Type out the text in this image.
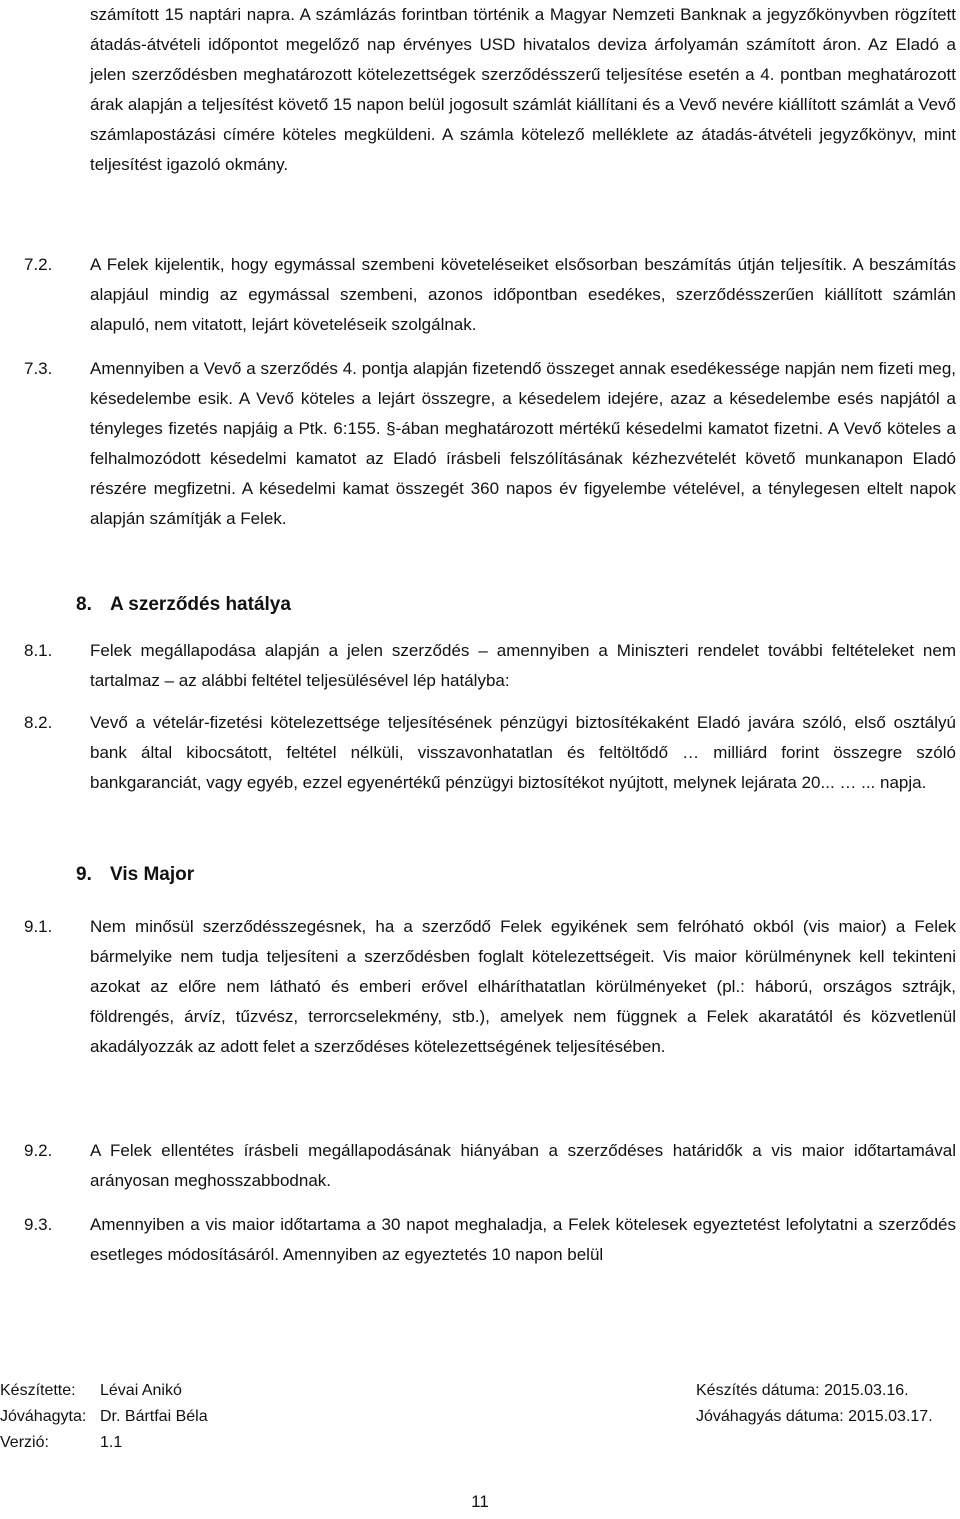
számított 15 naptári napra. A számlázás forintban történik a Magyar Nemzeti Banknak a jegyzőkönyvben rögzített átadás-átvételi időpontot megelőző nap érvényes USD hivatalos deviza árfolyamán számított áron. Az Eladó a jelen szerződésben meghatározott kötelezettségek szerződésszerű teljesítése esetén a 4. pontban meghatározott árak alapján a teljesítést követő 15 napon belül jogosult számlát kiállítani és a Vevő nevére kiállított számlát a Vevő számlapostázási címére köteles megküldeni. A számla kötelező melléklete az átadás-átvételi jegyzőkönyv, mint teljesítést igazoló okmány.
7.2.	A Felek kijelentik, hogy egymással szembeni követeléseiket elsősorban beszámítás útján teljesítik. A beszámítás alapjául mindig az egymással szembeni, azonos időpontban esedékes, szerződésszerűen kiállított számlán alapuló, nem vitatott, lejárt követeléseik szolgálnak.
7.3.	Amennyiben a Vevő a szerződés 4. pontja alapján fizetendő összeget annak esedékessége napján nem fizeti meg, késedelembe esik. A Vevő köteles a lejárt összegre, a késedelem idejére, azaz a késedelembe esés napjától a tényleges fizetés napjáig a Ptk. 6:155. §-ában meghatározott mértékű késedelmi kamatot fizetni. A Vevő köteles a felhalmozódott késedelmi kamatot az Eladó írásbeli felszólításának kézhezvételét követő munkanapon Eladó részére megfizetni. A késedelmi kamat összegét 360 napos év figyelembe vételével, a ténylegesen eltelt napok alapján számítják a Felek.
8. A szerződés hatálya
8.1.	Felek megállapodása alapján a jelen szerződés – amennyiben a Miniszteri rendelet további feltételeket nem tartalmaz – az alábbi feltétel teljesülésével lép hatályba:
8.2.	Vevő a vételár-fizetési kötelezettsége teljesítésének pénzügyi biztosítékaként Eladó javára szóló, első osztályú bank által kibocsátott, feltétel nélküli, visszavonhatatlan és feltöltődő … milliárd forint összegre szóló bankgaranciát, vagy egyéb, ezzel egyenértékű pénzügyi biztosítékot nyújtott, melynek lejárata 20... … ... napja.
9. Vis Major
9.1.	Nem minősül szerződésszegésnek, ha a szerződő Felek egyikének sem felróható okból (vis maior) a Felek bármelyike nem tudja teljesíteni a szerződésben foglalt kötelezettségeit. Vis maior körülménynek kell tekinteni azokat az előre nem látható és emberi erővel elháríthatatlan körülményeket (pl.: háború, országos sztrájk, földrengés, árvíz, tűzvész, terrorcselekmény, stb.), amelyek nem függnek a Felek akaratától és közvetlenül akadályozzák az adott felet a szerződéses kötelezettségének teljesítésében.
9.2.	A Felek ellentétes írásbeli megállapodásának hiányában a szerződéses határidők a vis maior időtartamával arányosan meghosszabbodnak.
9.3.	Amennyiben a vis maior időtartama a 30 napot meghaladja, a Felek kötelesek egyeztetést lefolytatni a szerződés esetleges módosításáról. Amennyiben az egyeztetés 10 napon belül
Készítette: Lévai Anikó	Készítés dátuma: 2015.03.16.
Jóváhagyta: Dr. Bártfai Béla	Jóváhagyás dátuma: 2015.03.17.
Verzió:	1.1
11
